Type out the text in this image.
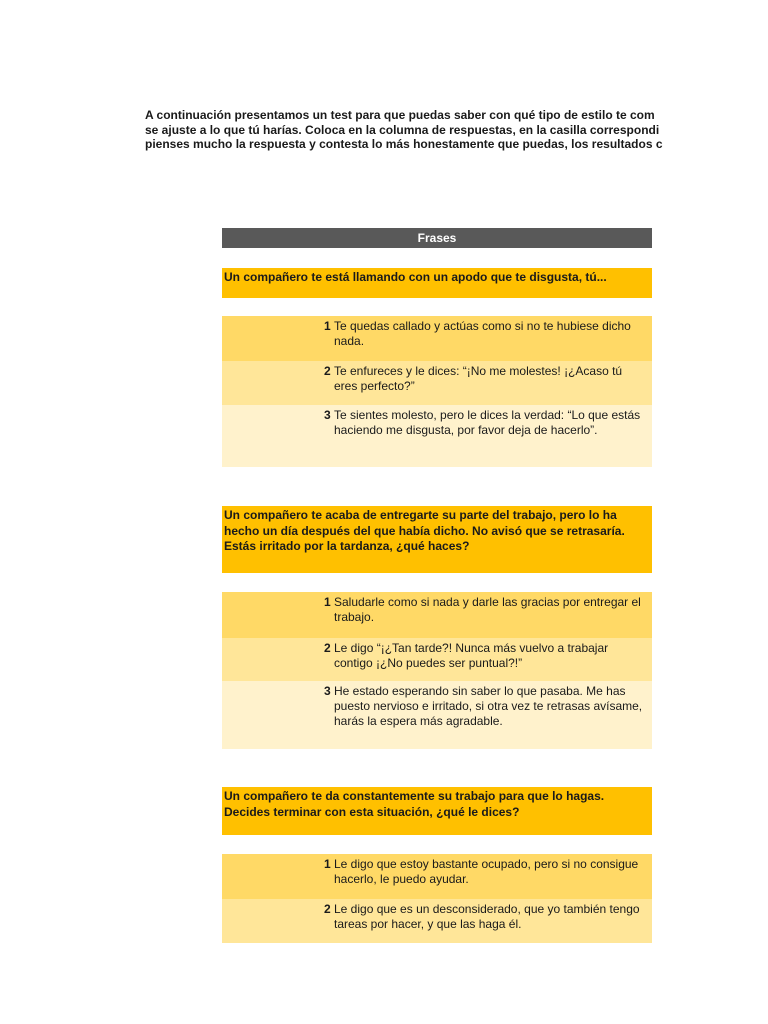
A continuación presentamos un test para que puedas saber con qué tipo de estilo te com
se ajuste a lo que tú harías. Coloca en la columna de respuestas, en la casilla correspondi
pienses mucho la respuesta y contesta lo más honestamente que puedas, los resultados c
Frases
Un compañero te está llamando con un apodo que te disgusta, tú...
1 Te quedas callado y actúas como si no te hubiese dicho nada.
2 Te enfureces y le dices: “¡No me molestes! ¡¿Acaso tú eres perfecto?”
3 Te sientes molesto, pero le dices la verdad: “Lo que estás haciendo me disgusta, por favor deja de hacerlo”.
Un compañero te acaba de entregarte su parte del trabajo, pero lo ha hecho un día después del que había dicho. No avisó que se retrasaría. Estás irritado por la tardanza, ¿qué haces?
1 Saludarle como si nada y darle las gracias por entregar el trabajo.
2 Le digo “¡¿Tan tarde?! Nunca más vuelvo a trabajar contigo ¡¿No puedes ser puntual?!”
3 He estado esperando sin saber lo que pasaba. Me has puesto nervioso e irritado, si otra vez te retrasas avísame, harás la espera más agradable.
Un compañero te da constantemente su trabajo para que lo hagas. Decides terminar con esta situación, ¿qué le dices?
1 Le digo que estoy bastante ocupado, pero si no consigue hacerlo, le puedo ayudar.
2 Le digo que es un desconsiderado, que yo también tengo tareas por hacer, y que las haga él.
